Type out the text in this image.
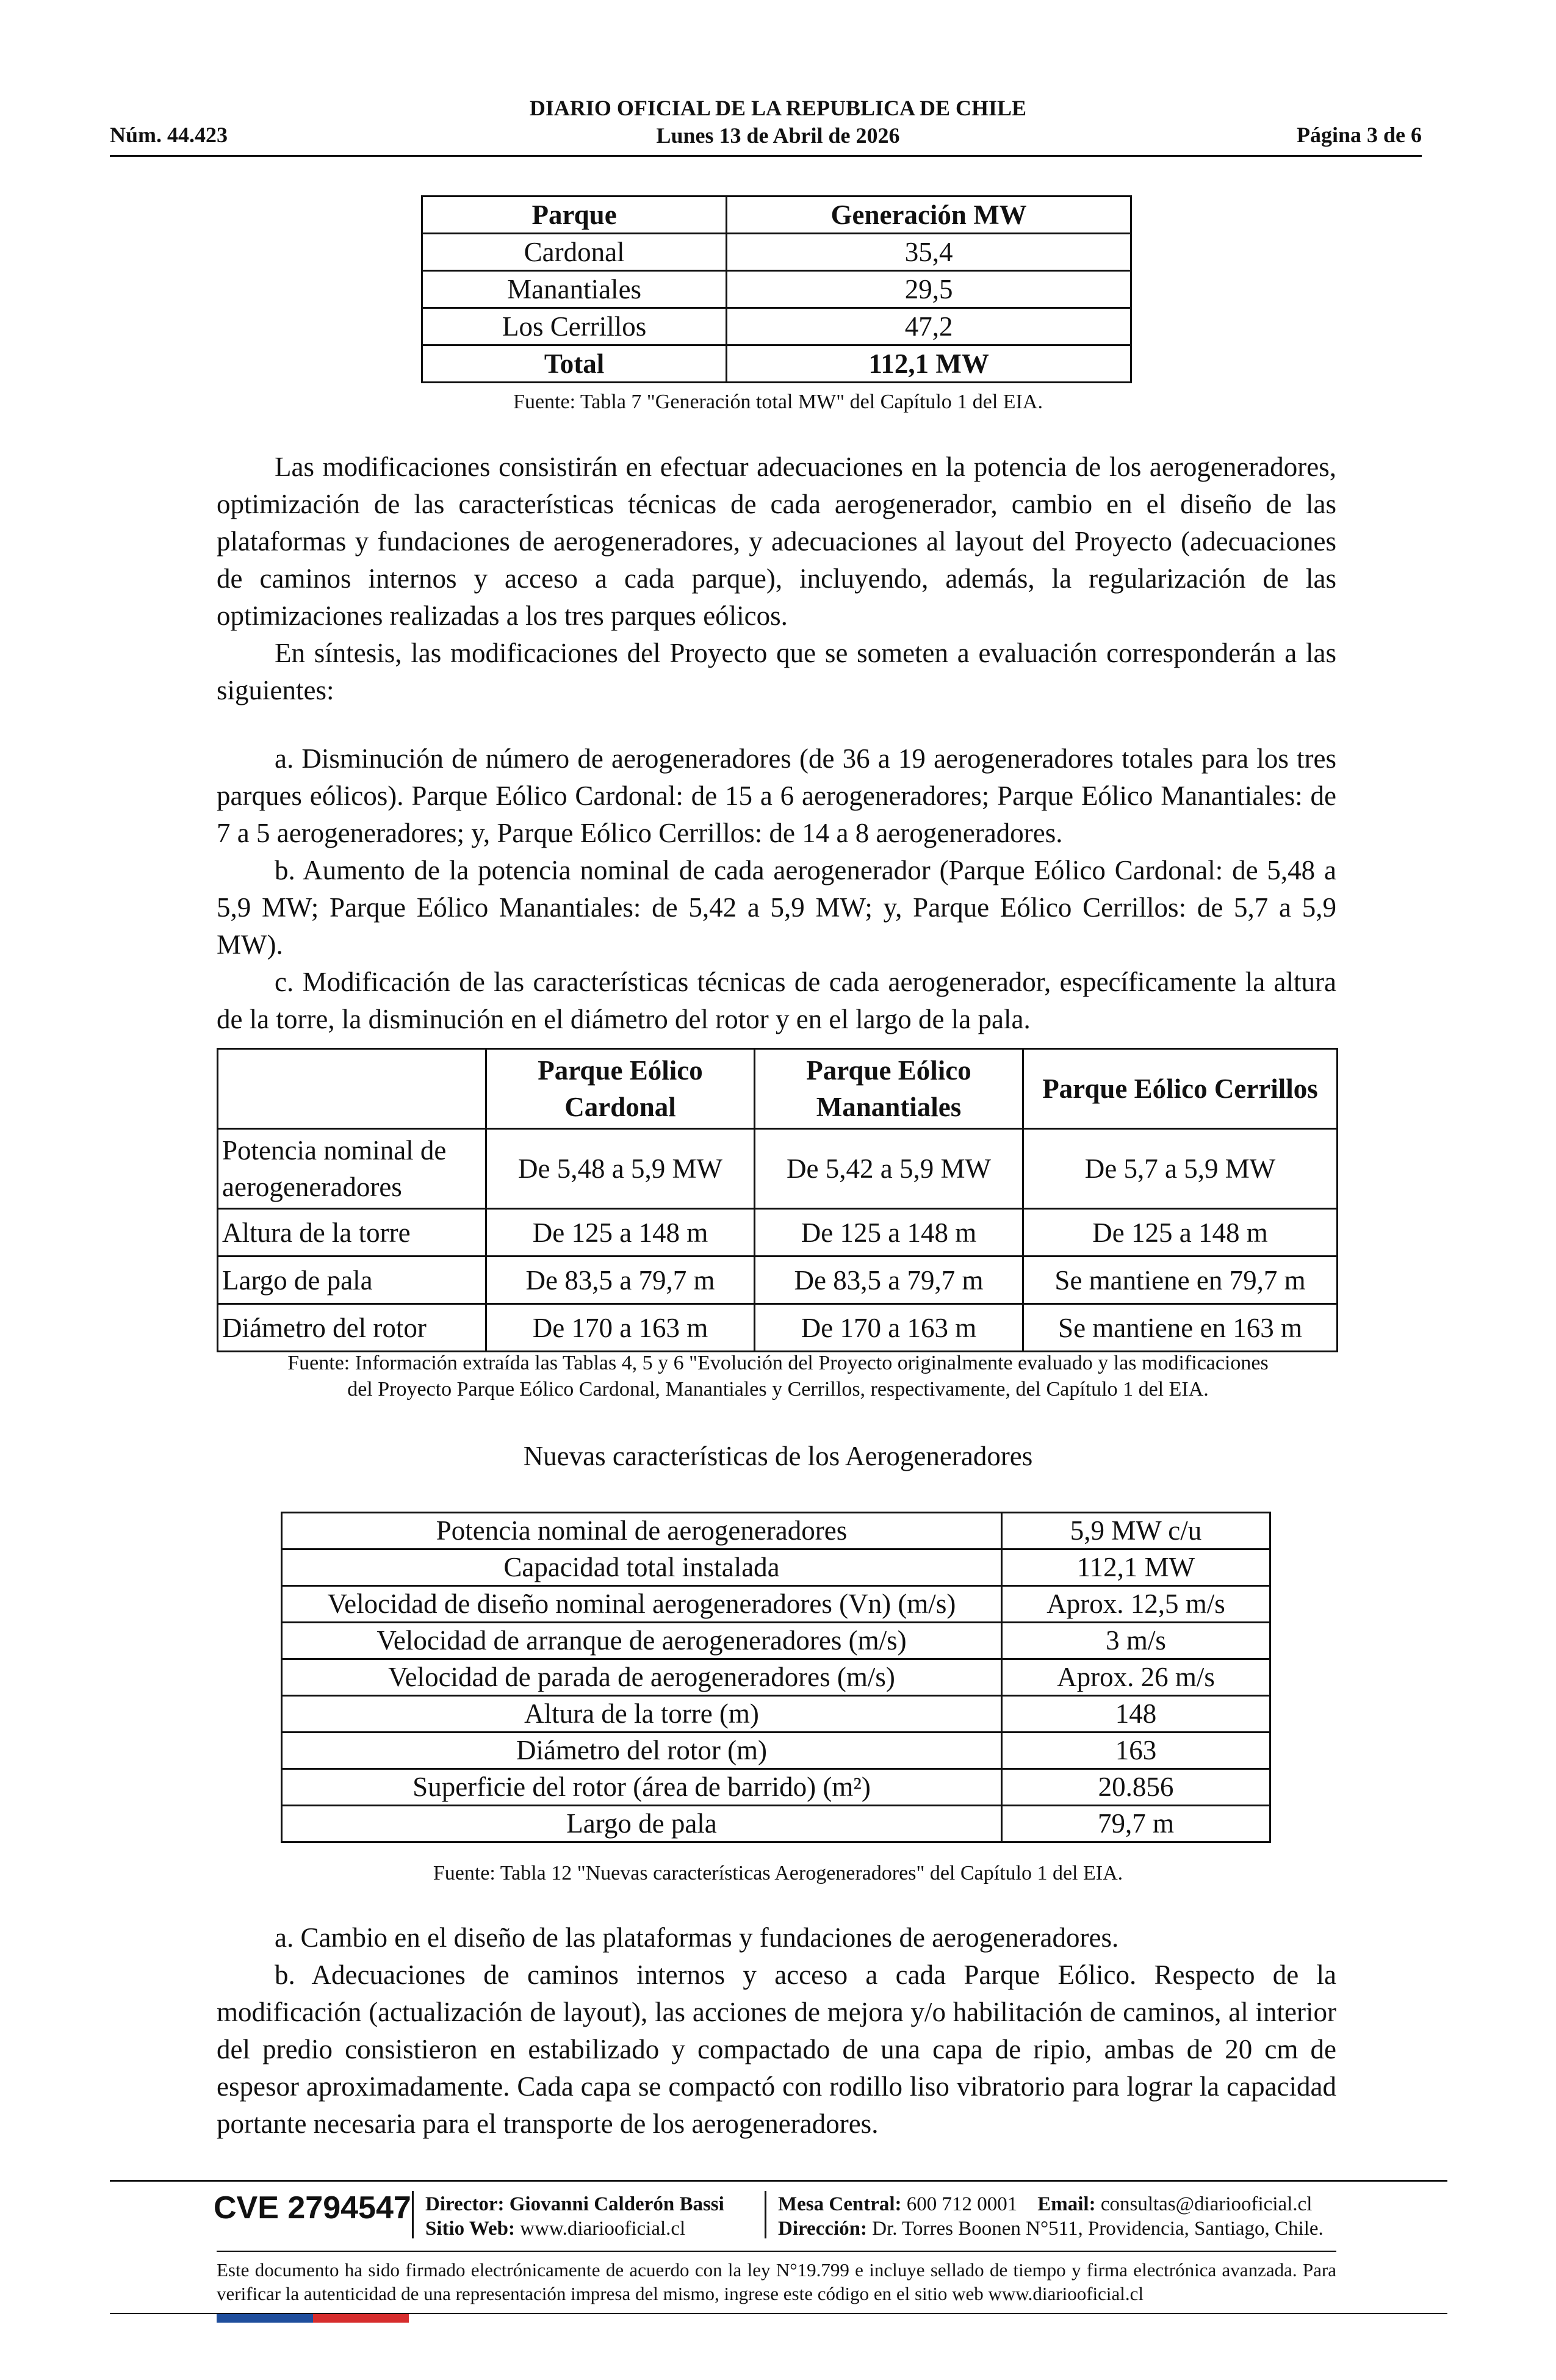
DIARIO OFICIAL DE LA REPUBLICA DE CHILE
Lunes 13 de Abril de 2026
Núm. 44.423	Página 3 de 6
Parque	Generación MW
Cardonal	35,4
Manantiales	29,5
Los Cerrillos	47,2
Total	112,1 MW
Fuente: Tabla 7 "Generación total MW" del Capítulo 1 del EIA.

Las modificaciones consistirán en efectuar adecuaciones en la potencia de los aerogeneradores, optimización de las características técnicas de cada aerogenerador, cambio en el diseño de las plataformas y fundaciones de aerogeneradores, y adecuaciones al layout del Proyecto (adecuaciones de caminos internos y acceso a cada parque), incluyendo, además, la regularización de las optimizaciones realizadas a los tres parques eólicos.

En síntesis, las modificaciones del Proyecto que se someten a evaluación corresponderán a las siguientes:

a. Disminución de número de aerogeneradores (de 36 a 19 aerogeneradores totales para los tres parques eólicos). Parque Eólico Cardonal: de 15 a 6 aerogeneradores; Parque Eólico Manantiales: de 7 a 5 aerogeneradores; y, Parque Eólico Cerrillos: de 14 a 8 aerogeneradores.

b. Aumento de la potencia nominal de cada aerogenerador (Parque Eólico Cardonal: de 5,48 a 5,9 MW; Parque Eólico Manantiales: de 5,42 a 5,9 MW; y, Parque Eólico Cerrillos: de 5,7 a 5,9 MW).

c. Modificación de las características técnicas de cada aerogenerador, específicamente la altura de la torre, la disminución en el diámetro del rotor y en el largo de la pala.

	Parque Eólico Cardonal	Parque Eólico Manantiales	Parque Eólico Cerrillos
Potencia nominal de aerogeneradores	De 5,48 a 5,9 MW	De 5,42 a 5,9 MW	De 5,7 a 5,9 MW
Altura de la torre	De 125 a 148 m	De 125 a 148 m	De 125 a 148 m
Largo de pala	De 83,5 a 79,7 m	De 83,5 a 79,7 m	Se mantiene en 79,7 m
Diámetro del rotor	De 170 a 163 m	De 170 a 163 m	Se mantiene en 163 m
Fuente: Información extraída las Tablas 4, 5 y 6 "Evolución del Proyecto originalmente evaluado y las modificaciones
del Proyecto Parque Eólico Cardonal, Manantiales y Cerrillos, respectivamente, del Capítulo 1 del EIA.
Nuevas características de los Aerogeneradores
Potencia nominal de aerogeneradores	5,9 MW c/u
Capacidad total instalada	112,1 MW
Velocidad de diseño nominal aerogeneradores (Vn) (m/s)	Aprox. 12,5 m/s
Velocidad de arranque de aerogeneradores (m/s)	3 m/s
Velocidad de parada de aerogeneradores (m/s)	Aprox. 26 m/s
Altura de la torre (m)	148
Diámetro del rotor (m)	163
Superficie del rotor (área de barrido) (m²)	20.856
Largo de pala	79,7 m
Fuente: Tabla 12 "Nuevas características Aerogeneradores" del Capítulo 1 del EIA.

a. Cambio en el diseño de las plataformas y fundaciones de aerogeneradores.

b. Adecuaciones de caminos internos y acceso a cada Parque Eólico. Respecto de la modificación (actualización de layout), las acciones de mejora y/o habilitación de caminos, al interior del predio consistieron en estabilizado y compactado de una capa de ripio, ambas de 20 cm de espesor aproximadamente. Cada capa se compactó con rodillo liso vibratorio para lograr la capacidad portante necesaria para el transporte de los aerogeneradores.

CVE 2794547 Director: Giovanni Calderón Bassi
Sitio Web: www.diariooficial.cl
Mesa Central: 600 712 0001 Email: consultas@diariooficial.cl
Dirección: Dr. Torres Boonen N°511, Providencia, Santiago, Chile.
Este documento ha sido firmado electrónicamente de acuerdo con la ley N°19.799 e incluye sellado de tiempo y firma electrónica avanzada. Para verificar la autenticidad de una representación impresa del mismo, ingrese este código en el sitio web www.diariooficial.cl
